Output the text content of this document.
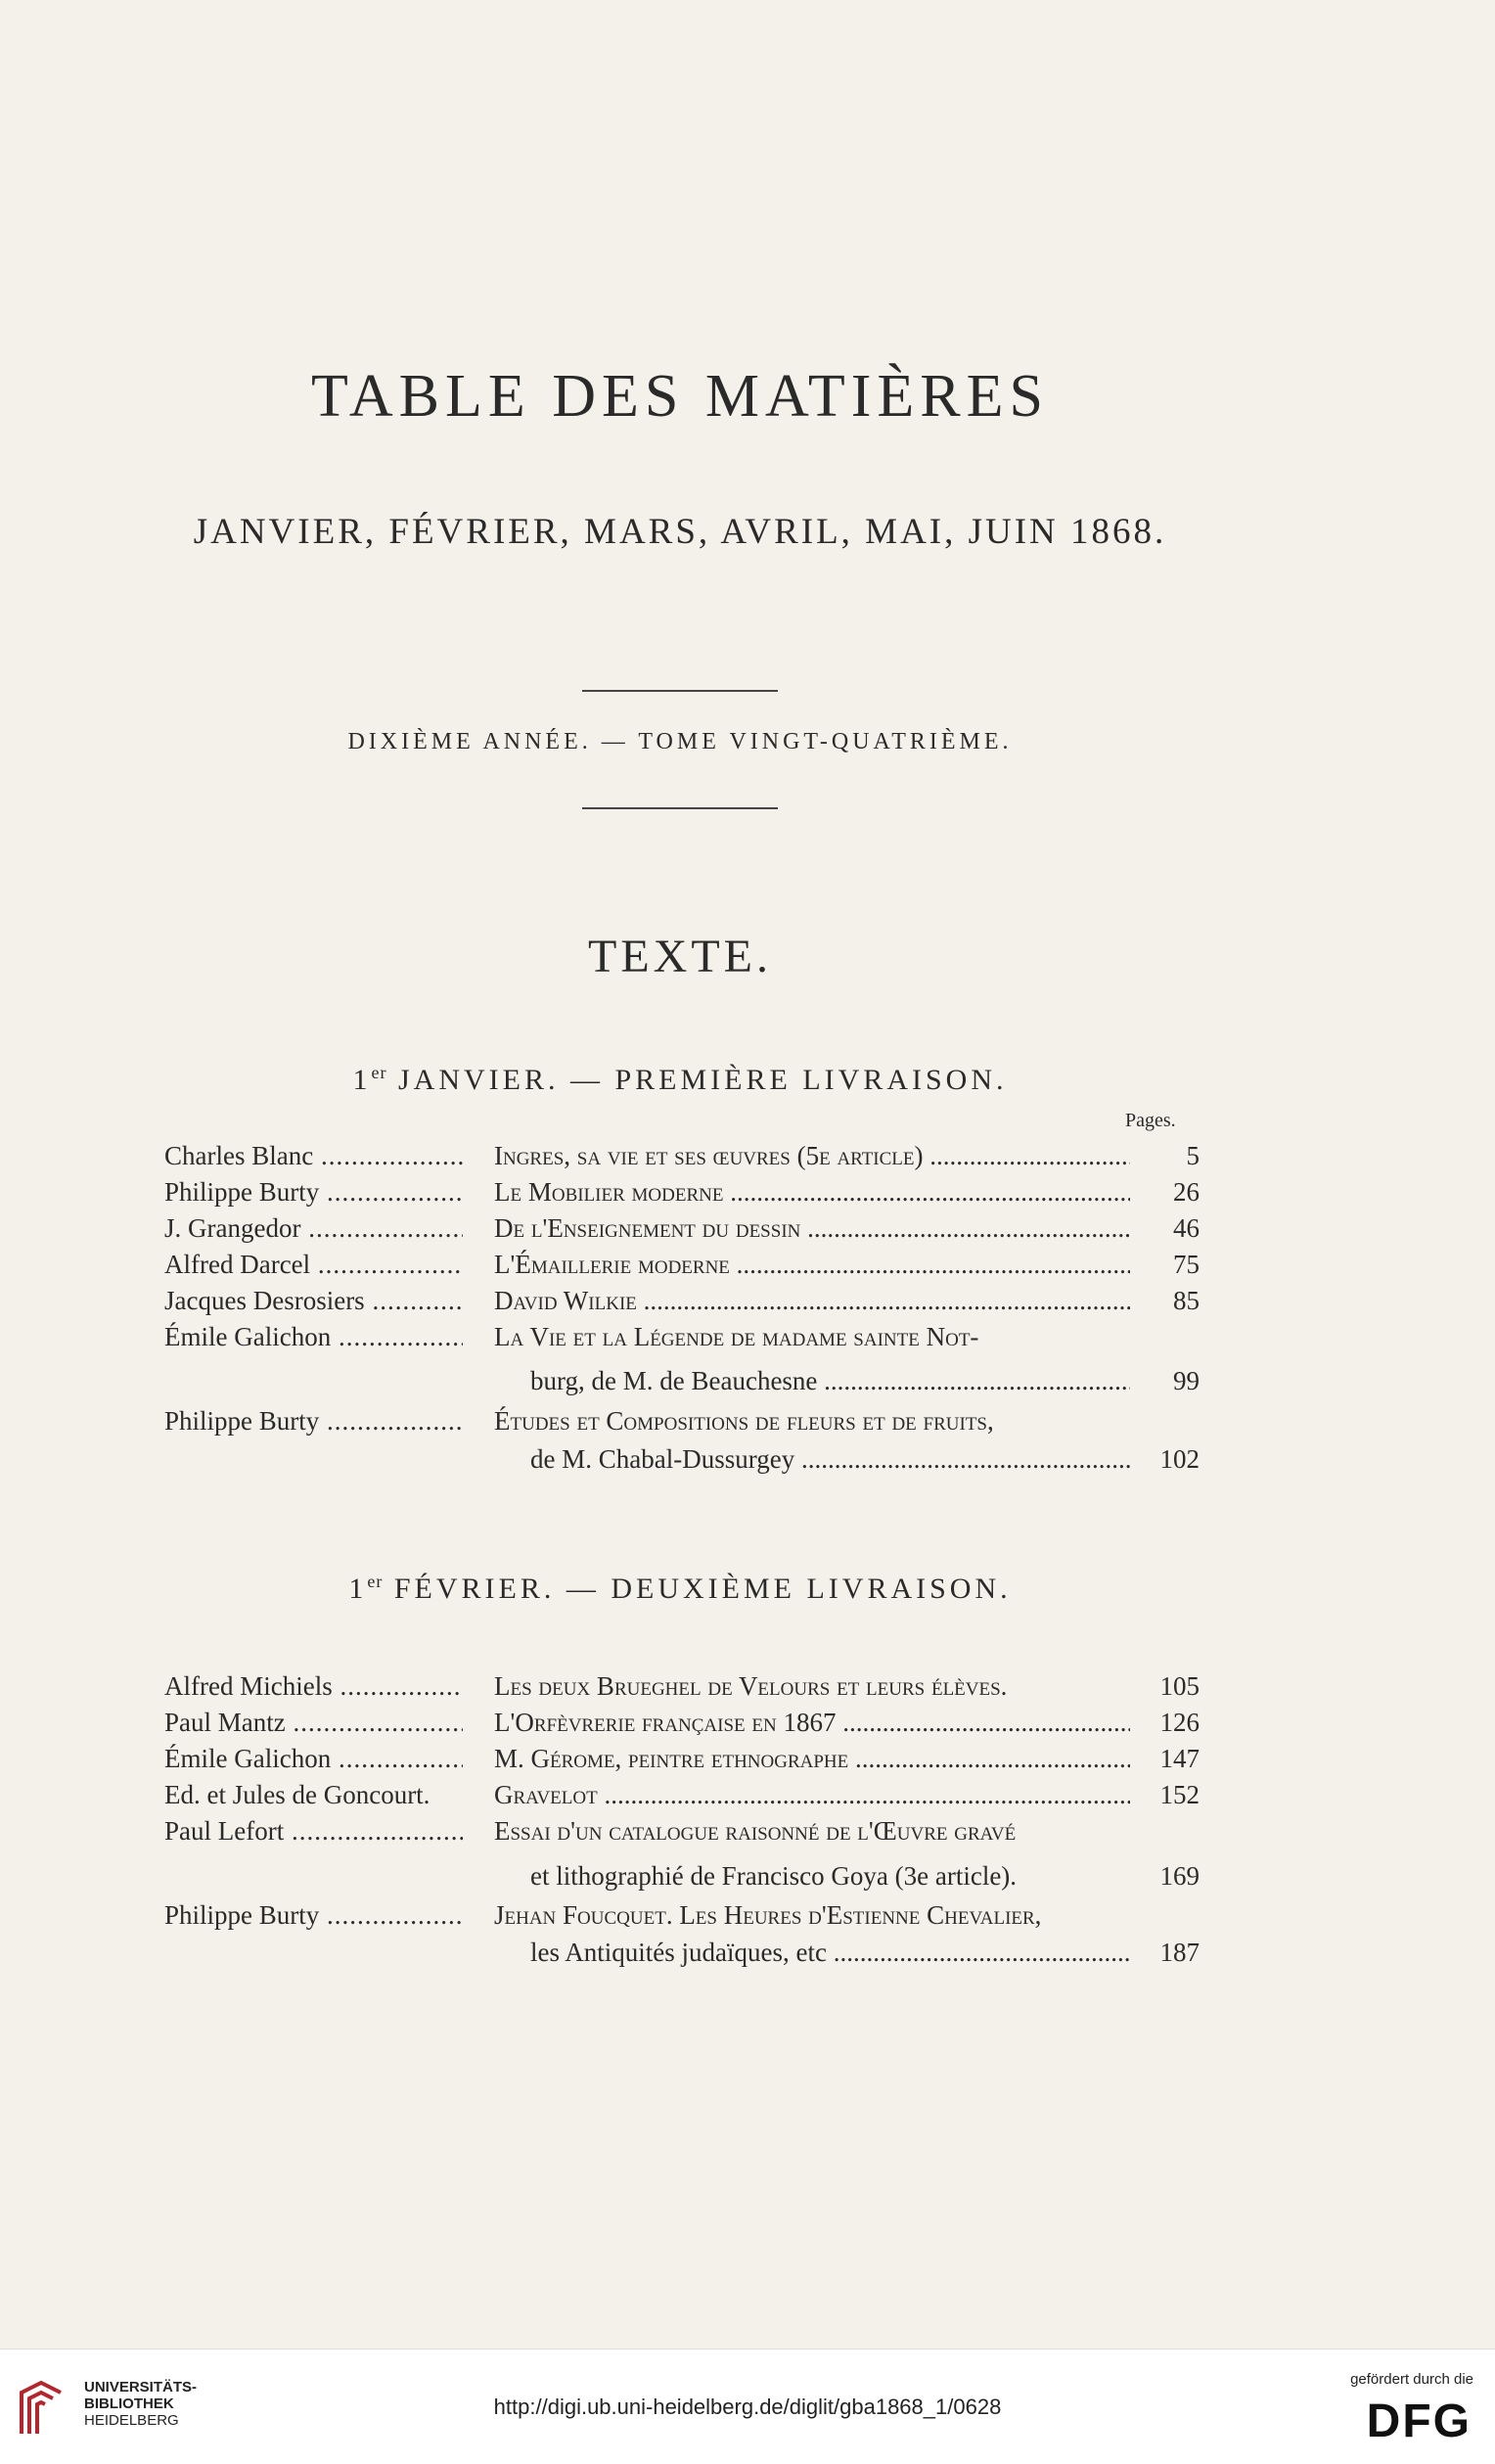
TABLE DES MATIÈRES
JANVIER, FÉVRIER, MARS, AVRIL, MAI, JUIN 1868.
DIXIÈME ANNÉE. — TOME VINGT-QUATRIÈME.
TEXTE.
1er JANVIER. — PREMIÈRE LIVRAISON.
Pages.
Charles Blanc .....	Ingres, sa vie et ses œuvres (5e article) .....	5
Philippe Burty .....	Le Mobilier moderne .....	26
J. Grangedor .....	De l'Enseignement du dessin .....	46
Alfred Darcel .....	L'Émaillerie moderne .....	75
Jacques Desrosiers .....	David Wilkie .....	85
Émile Galichon .....	La Vie et la Légende de madame sainte Not-
burg, de M. de Beauchesne .....	99
Philippe Burty .....	Études et Compositions de fleurs et de fruits,
de M. Chabal-Dussurgey .....	102
1er FÉVRIER. — DEUXIÈME LIVRAISON.
Alfred Michiels .....	Les deux Brueghel de Velours et leurs élèves.	105
Paul Mantz .....	L'Orfèvrerie française en 1867 .....	126
Émile Galichon .....	M. Gérome, peintre ethnographe .....	147
Ed. et Jules de Goncourt.	Gravelot .....	152
Paul Lefort .....	Essai d'un catalogue raisonné de l'Œuvre gravé
et lithographié de Francisco Goya (3e article).	169
Philippe Burty .....	Jehan Foucquet. Les Heures d'Estienne Chevalier,
les Antiquités judaïques, etc .....	187
UNIVERSITÄTS-
BIBLIOTHEK
HEIDELBERG
http://digi.ub.uni-heidelberg.de/diglit/gba1868_1/0628
gefördert durch die
DFG
